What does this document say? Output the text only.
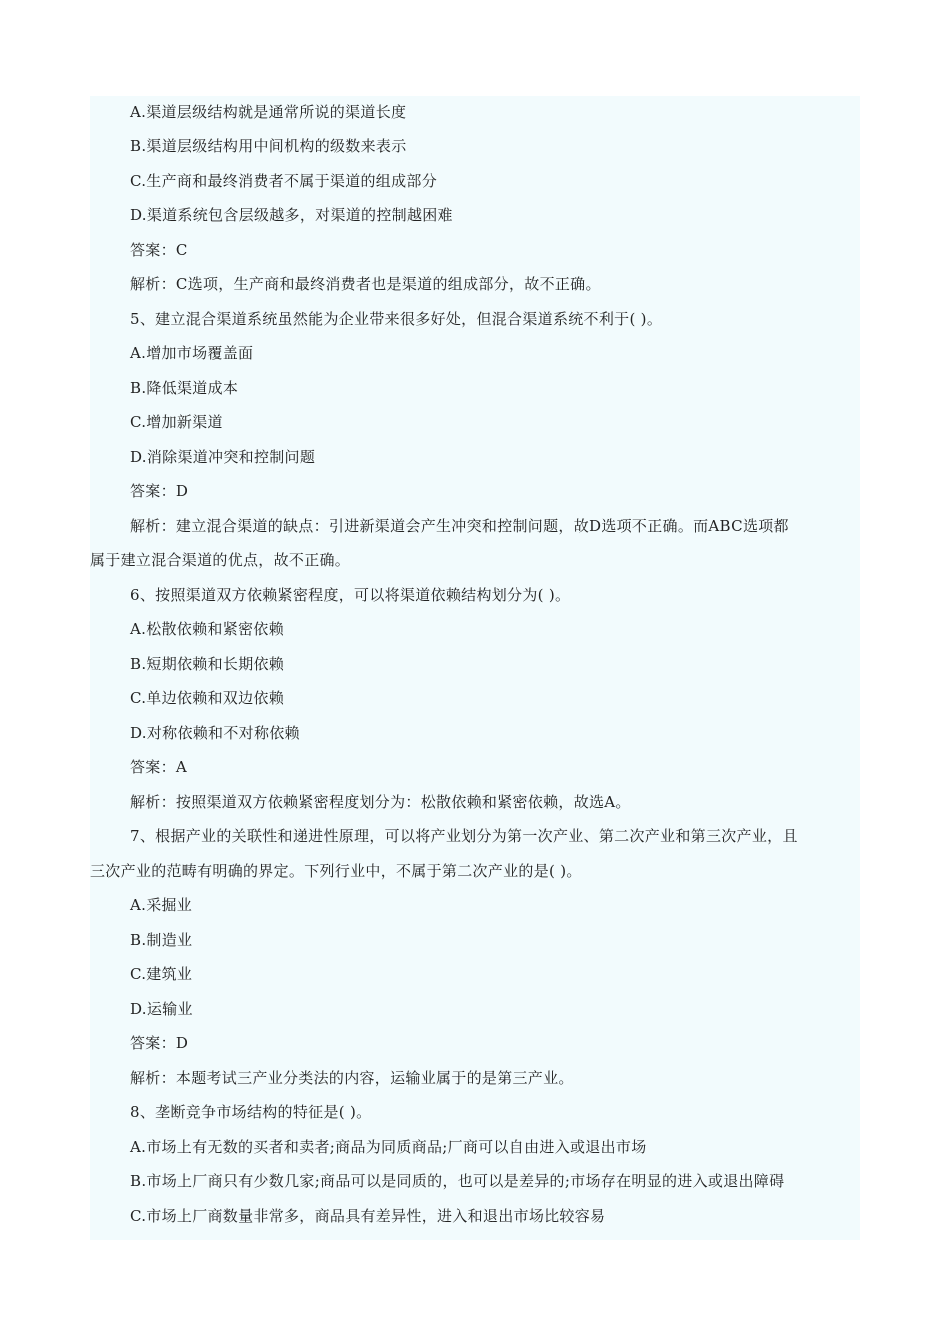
A.渠道层级结构就是通常所说的渠道长度
B.渠道层级结构用中间机构的级数来表示
C.生产商和最终消费者不属于渠道的组成部分
D.渠道系统包含层级越多，对渠道的控制越困难
答案：C
解析：C选项，生产商和最终消费者也是渠道的组成部分，故不正确。
5、建立混合渠道系统虽然能为企业带来很多好处，但混合渠道系统不利于( )。
A.增加市场覆盖面
B.降低渠道成本
C.增加新渠道
D.消除渠道冲突和控制问题
答案：D
解析：建立混合渠道的缺点：引进新渠道会产生冲突和控制问题，故D选项不正确。而ABC选项都
属于建立混合渠道的优点，故不正确。
6、按照渠道双方依赖紧密程度，可以将渠道依赖结构划分为( )。
A.松散依赖和紧密依赖
B.短期依赖和长期依赖
C.单边依赖和双边依赖
D.对称依赖和不对称依赖
答案：A
解析：按照渠道双方依赖紧密程度划分为：松散依赖和紧密依赖，故选A。
7、根据产业的关联性和递进性原理，可以将产业划分为第一次产业、第二次产业和第三次产业，且
三次产业的范畴有明确的界定。下列行业中，不属于第二次产业的是( )。
A.采掘业
B.制造业
C.建筑业
D.运输业
答案：D
解析：本题考试三产业分类法的内容，运输业属于的是第三产业。
8、垄断竞争市场结构的特征是( )。
A.市场上有无数的买者和卖者;商品为同质商品;厂商可以自由进入或退出市场
B.市场上厂商只有少数几家;商品可以是同质的，也可以是差异的;市场存在明显的进入或退出障碍
C.市场上厂商数量非常多，商品具有差异性，进入和退出市场比较容易
